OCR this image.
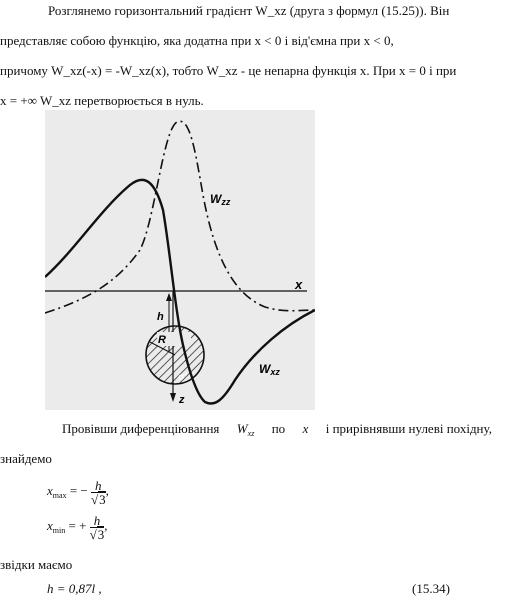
Розглянемо горизонтальний градієнт W_xz (друга з формул (15.25)). Він
представляє собою функцію, яка додатна при x < 0 і від'ємна при x < 0,
причому W_xz(-x) = -W_xz(x), тобто W_xz - це непарна функція x. При x = 0 і при
x = +∞ W_xz перетворюється в нуль.
Wzz
Wxz
x
z
h
R
σ'
Провівши диференціювання $W_{xz}$ по x і прирівнявши нулеві похідну,
знайдемо
$x_{max}$ = − $\frac{h}{√3}$ ,
$x_{min}$ = + $\frac{h}{√3}$ ,
звідки маємо
h = 0,87l ,	(15.34)
